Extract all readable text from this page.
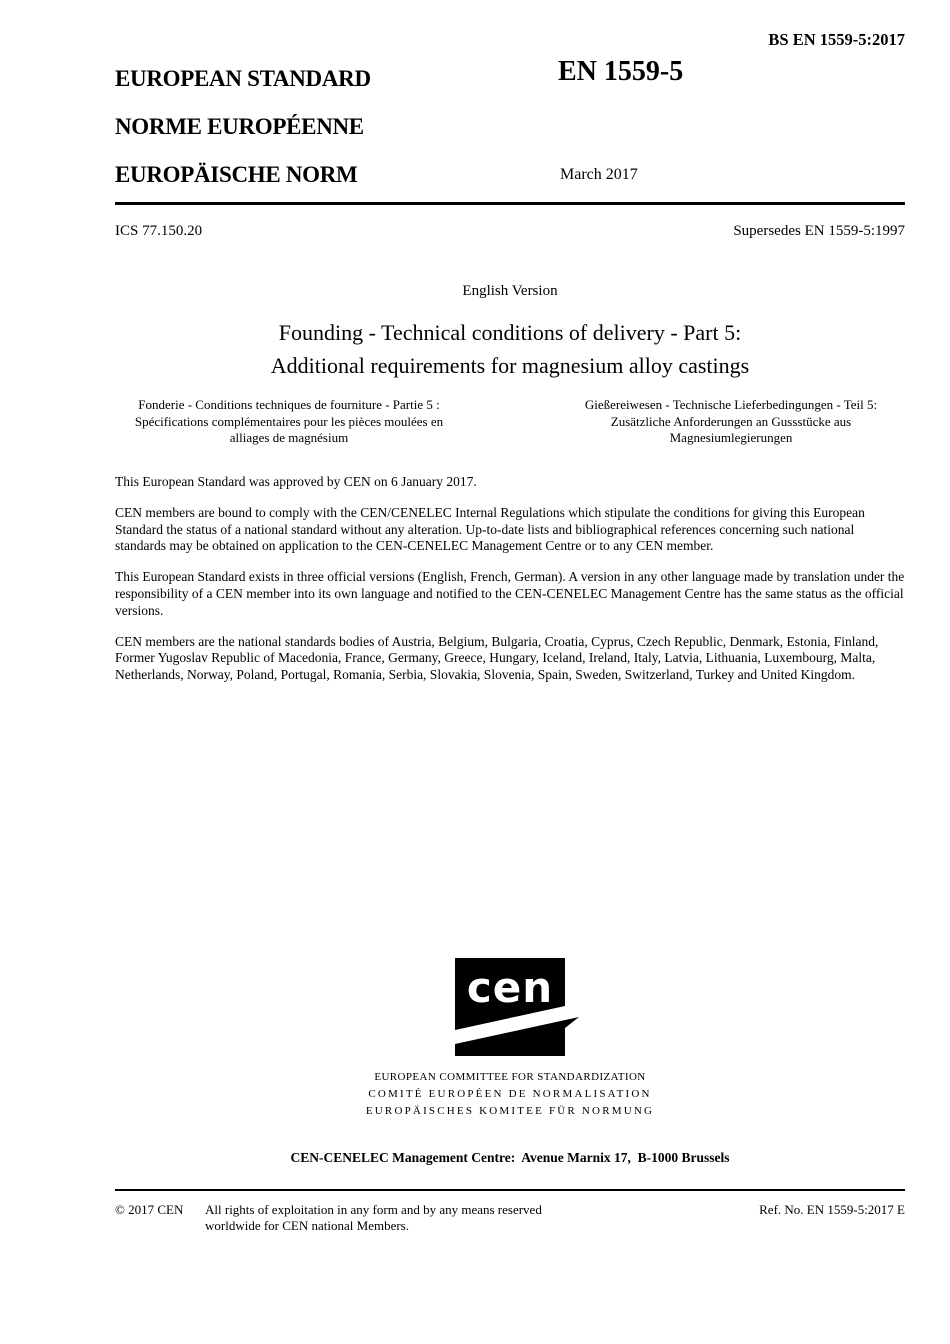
BS EN 1559-5:2017
EUROPEAN STANDARD
NORME EUROPÉENNE
EUROPÄISCHE NORM
EN 1559-5
March 2017
ICS 77.150.20	Supersedes EN 1559-5:1997
English Version
Founding - Technical conditions of delivery - Part 5:
Additional requirements for magnesium alloy castings
Fonderie - Conditions techniques de fourniture - Partie 5 : Spécifications complémentaires pour les pièces moulées en alliages de magnésium
Gießereiwesen - Technische Lieferbedingungen - Teil 5: Zusätzliche Anforderungen an Gussstücke aus Magnesiumlegierungen

This European Standard was approved by CEN on 6 January 2017.

CEN members are bound to comply with the CEN/CENELEC Internal Regulations which stipulate the conditions for giving this European Standard the status of a national standard without any alteration. Up-to-date lists and bibliographical references concerning such national standards may be obtained on application to the CEN-CENELEC Management Centre or to any CEN member.

This European Standard exists in three official versions (English, French, German). A version in any other language made by translation under the responsibility of a CEN member into its own language and notified to the CEN-CENELEC Management Centre has the same status as the official versions.

CEN members are the national standards bodies of Austria, Belgium, Bulgaria, Croatia, Cyprus, Czech Republic, Denmark, Estonia, Finland, Former Yugoslav Republic of Macedonia, France, Germany, Greece, Hungary, Iceland, Ireland, Italy, Latvia, Lithuania, Luxembourg, Malta, Netherlands, Norway, Poland, Portugal, Romania, Serbia, Slovakia, Slovenia, Spain, Sweden, Switzerland, Turkey and United Kingdom.

cen
EUROPEAN COMMITTEE FOR STANDARDIZATION
COMITÉ EUROPÉEN DE NORMALISATION
EUROPÄISCHES KOMITEE FÜR NORMUNG
CEN-CENELEC Management Centre:  Avenue Marnix 17,  B-1000 Brussels
© 2017 CEN	All rights of exploitation in any form and by any means reserved worldwide for CEN national Members.
Ref. No. EN 1559-5:2017 E
